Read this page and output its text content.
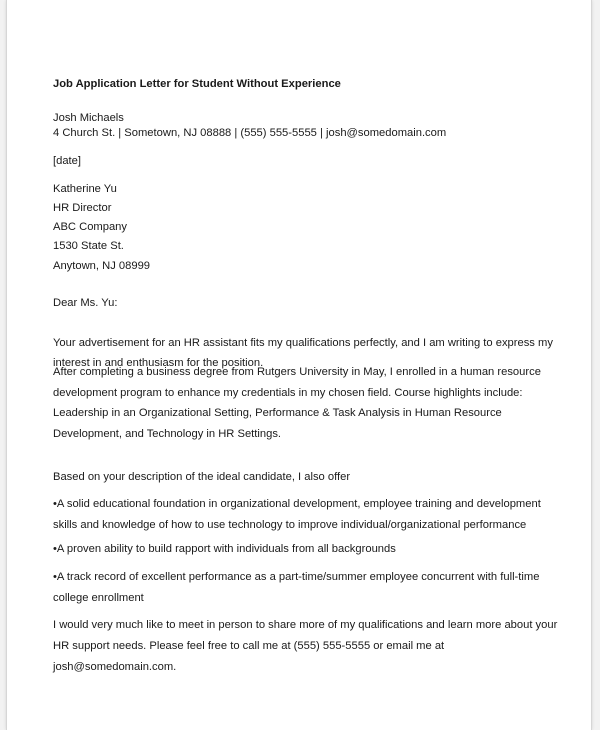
Job Application Letter for Student Without Experience
Josh Michaels
4 Church St. | Sometown, NJ 08888 | (555) 555-5555 | josh@somedomain.com
[date]
Katherine Yu
HR Director
ABC Company
1530 State St.
Anytown, NJ 08999
Dear Ms. Yu:
Your advertisement for an HR assistant fits my qualifications perfectly, and I am writing to express my interest in and enthusiasm for the position.
After completing a business degree from Rutgers University in May, I enrolled in a human resource development program to enhance my credentials in my chosen field. Course highlights include: Leadership in an Organizational Setting, Performance & Task Analysis in Human Resource Development, and Technology in HR Settings.
Based on your description of the ideal candidate, I also offer
•A solid educational foundation in organizational development, employee training and development skills and knowledge of how to use technology to improve individual/organizational performance
•A proven ability to build rapport with individuals from all backgrounds
•A track record of excellent performance as a part-time/summer employee concurrent with full-time college enrollment
I would very much like to meet in person to share more of my qualifications and learn more about your HR support needs. Please feel free to call me at (555) 555-5555 or email me at josh@somedomain.com.
